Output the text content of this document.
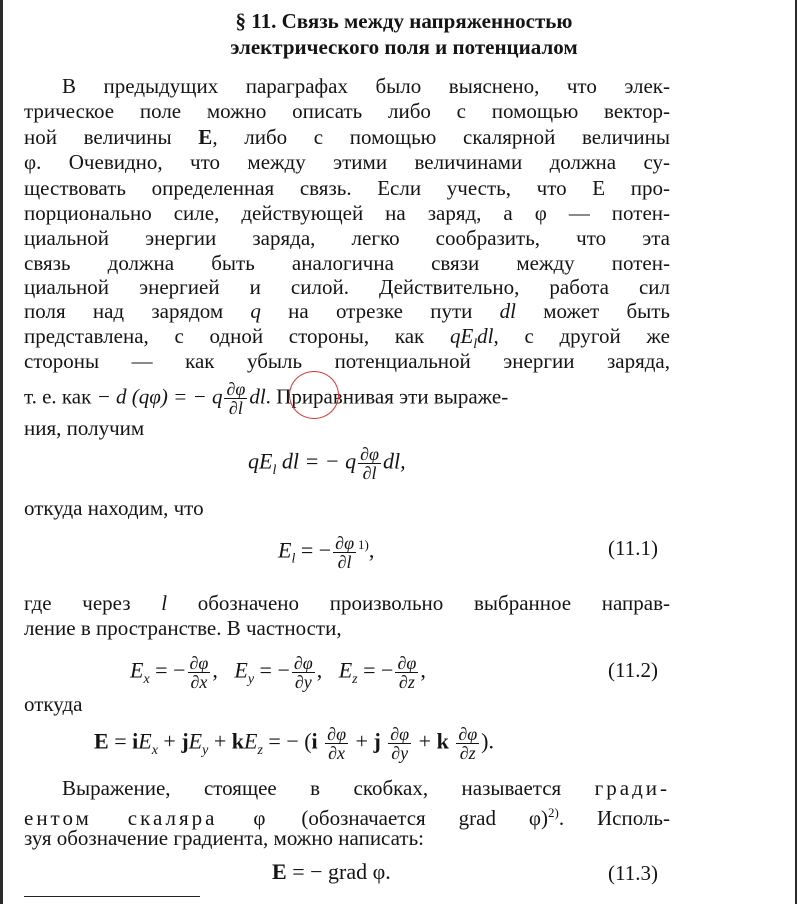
§ 11. Связь между напряженностью
электрического поля и потенциалом
В предыдущих параграфах было выяснено, что элек-
трическое поле можно описать либо с помощью вектор-
ной величины E, либо с помощью скалярной величины
φ. Очевидно, что между этими величинами должна су-
ществовать определенная связь. Если учесть, что E про-
порционально силе, действующей на заряд, а φ — потен-
циальной энергии заряда, легко сообразить, что эта
связь должна быть аналогична связи между потен-
циальной энергией и силой. Действительно, работа сил
поля над зарядом q на отрезке пути dl может быть
представлена, с одной стороны, как $qE_ldl$, с другой же
стороны — как убыль потенциальной энергии заряда,
т. е. как − d (qφ) = − q $\frac{\partial\varphi}{\partial l}$ dl. Приравнивая эти выраже-
ния, получим
$qE_l$ dl = − q $\frac{\partial\varphi}{\partial l}$ dl,
откуда находим, что
$E_l$ = − $\frac{\partial\varphi}{\partial l} ^{1)}$,	(11.1)
где через l обозначено произвольно выбранное направ-
ление в пространстве. В частности,
$E_x$ = − $\frac{\partial\varphi}{\partial x}$ , $E_y$ = − $\frac{\partial\varphi}{\partial y}$ , $E_z$ = − $\frac{\partial\varphi}{\partial z}$ ,	(11.2)
откуда
$E = iE_x + jE_y + kE_z$ = − ($i \frac{\partial\varphi}{\partial x} + j \frac{\partial\varphi}{\partial y} + k \frac{\partial\varphi}{\partial z}$ ).
Выражение, стоящее в скобках, называется гради-
ентом скаляра φ (обозначается grad φ)$^{2)}$. Исполь-
зуя обозначение градиента, можно написать:
E = − grad φ.	(11.3)
